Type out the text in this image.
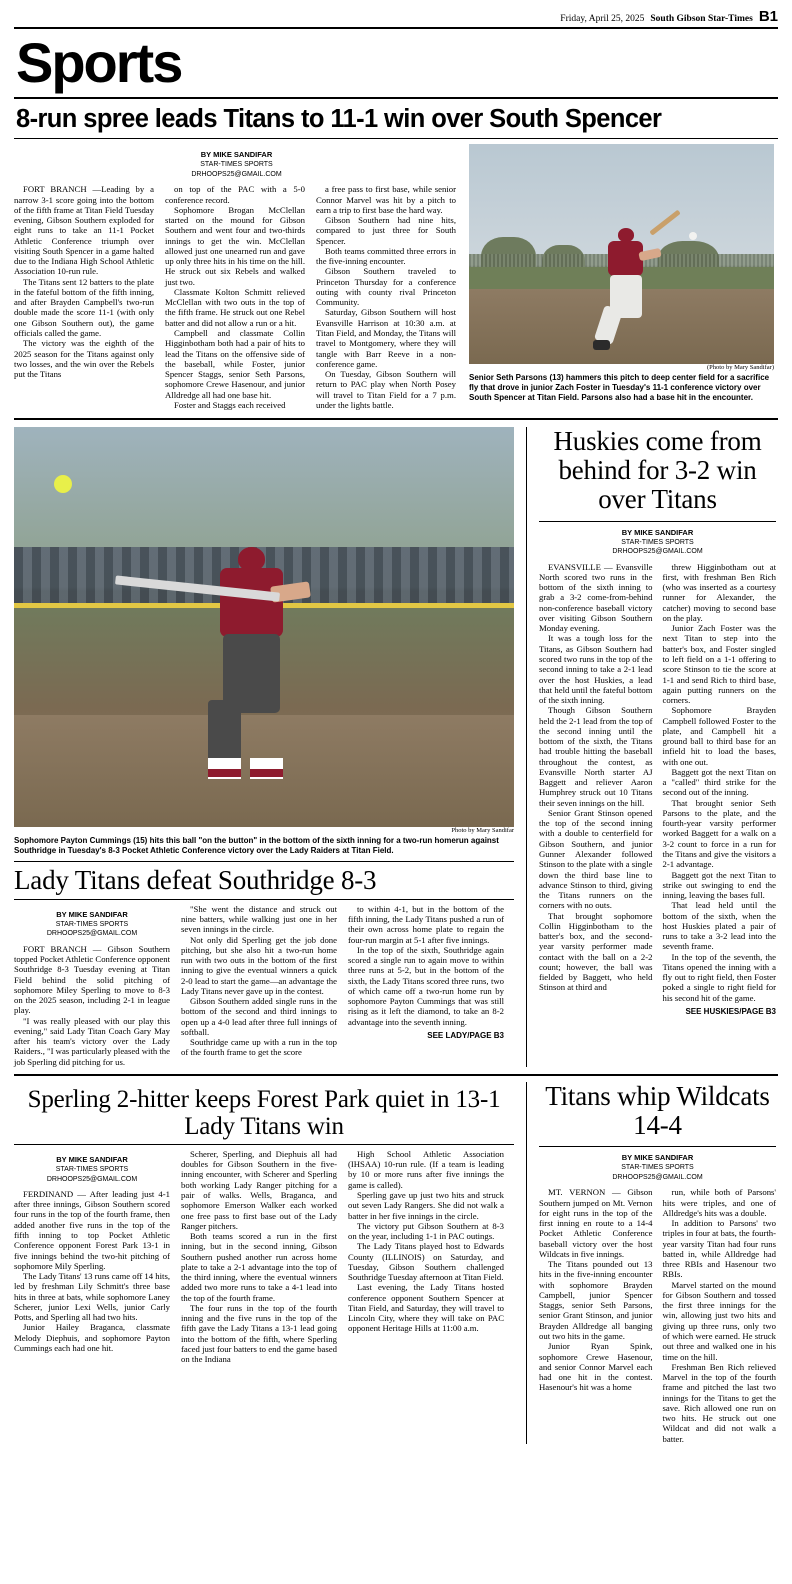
Friday, April 25, 2025 South Gibson Star-Times B1
Sports
8-run spree leads Titans to 11-1 win over South Spencer
BY MIKE SANDIFAR
STAR-TIMES SPORTS
DRHOOPS25@GMAIL.COM

FORT BRANCH —Leading by a narrow 3-1 score going into the bottom of the fifth frame at Titan Field Tuesday evening, Gibson Southern exploded for eight runs to take an 11-1 Pocket Athletic Conference triumph over visiting South Spencer in a game halted due to the Indiana High School Athletic Association 10-run rule.

The Titans sent 12 batters to the plate in the fateful bottom of the fifth inning, and after Brayden Campbell's two-run double made the score 11-1 (with only one Gibson Southern out), the game officials called the game.

The victory was the eighth of the 2025 season for the Titans against only two losses, and the win over the Rebels put the Titans

on top of the PAC with a 5-0 conference record.

Sophomore Brogan McClellan started on the mound for Gibson Southern and went four and two-thirds innings to get the win. McClellan allowed just one unearned run and gave up only three hits in his time on the hill. He struck out six Rebels and walked just two.

Classmate Kolton Schmitt relieved McClellan with two outs in the top of the fifth frame. He struck out one Rebel batter and did not allow a run or a hit.

Campbell and classmate Collin Higginbotham both had a pair of hits to lead the Titans on the offensive side of the baseball, while Foster, junior Spencer Staggs, senior Seth Parsons, sophomore Crewe Hasenour, and junior Alldredge all had one base hit.

Foster and Staggs each received

a free pass to first base, while senior Connor Marvel was hit by a pitch to earn a trip to first base the hard way.

Gibson Southern had nine hits, compared to just three for South Spencer.

Both teams committed three errors in the five-inning encounter.

Gibson Southern traveled to Princeton Thursday for a conference outing with county rival Princeton Community.

Saturday, Gibson Southern will host Evansville Harrison at 10:30 a.m. at Titan Field, and Monday, the Titans will travel to Montgomery, where they will tangle with Barr Reeve in a non-conference game.

On Tuesday, Gibson Southern will return to PAC play when North Posey will travel to Titan Field for a 7 p.m. under the lights battle.

(Photo by Mary Sandifar)
Senior Seth Parsons (13) hammers this pitch to deep center field for a sacrifice fly that drove in junior Zach Foster in Tuesday's 11-1 conference victory over South Spencer at Titan Field. Parsons also had a base hit in the encounter.
Photo by Mary Sandifar
Sophomore Payton Cummings (15) hits this ball "on the button" in the bottom of the sixth inning for a two-run homerun against Southridge in Tuesday's 8-3 Pocket Athletic Conference victory over the Lady Raiders at Titan Field.
Lady Titans defeat Southridge 8-3
BY MIKE SANDIFAR
STAR-TIMES SPORTS
DRHOOPS25@GMAIL.COM

FORT BRANCH — Gibson Southern topped Pocket Athletic Conference opponent Southridge 8-3 Tuesday evening at Titan Field behind the solid pitching of sophomore Miley Sperling to move to 8-3 on the 2025 season, including 2-1 in league play.

"I was really pleased with our play this evening," said Lady Titan Coach Gary May after his team's victory over the Lady Raiders., "I was particularly pleased with the job Sperling did pitching for us.

"She went the distance and struck out nine batters, while walking just one in her seven innings in the circle.

Not only did Sperling get the job done pitching, but she also hit a two-run home run with two outs in the bottom of the first inning to give the eventual winners a quick 2-0 lead to start the game—an advantage the Lady Titans never gave up in the contest.

Gibson Southern added single runs in the bottom of the second and third innings to open up a 4-0 lead after three full innings of softball.

Southridge came up with a run in the top of the fourth frame to get the score

to within 4-1, but in the bottom of the fifth inning, the Lady Titans pushed a run of their own across home plate to regain the four-run margin at 5-1 after five innings.

In the top of the sixth, Southridge again scored a single run to again move to within three runs at 5-2, but in the bottom of the sixth, the Lady Titans scored three runs, two of which came off a two-run home run by sophomore Payton Cummings that was still rising as it left the diamond, to take an 8-2 advantage into the seventh inning.

SEE LADY/PAGE B3
Huskies come from behind for 3-2 win over Titans
BY MIKE SANDIFAR
STAR-TIMES SPORTS
DRHOOPS25@GMAIL.COM

EVANSVILLE — Evansville North scored two runs in the bottom of the sixth inning to grab a 3-2 come-from-behind non-conference baseball victory over visiting Gibson Southern Monday evening.

It was a tough loss for the Titans, as Gibson Southern had scored two runs in the top of the second inning to take a 2-1 lead over the host Huskies, a lead that held until the fateful bottom of the sixth inning.

Though Gibson Southern held the 2-1 lead from the top of the second inning until the bottom of the sixth, the Titans had trouble hitting the baseball throughout the contest, as Evansville North starter AJ Baggett and reliever Aaron Humphrey struck out 10 Titans their seven innings on the hill.

Senior Grant Stinson opened the top of the second inning with a double to centerfield for Gibson Southern, and junior Gunner Alexander followed Stinson to the plate with a single down the third base line to advance Stinson to third, giving the Titans runners on the corners with no outs.

That brought sophomore Collin Higginbotham to the batter's box, and the second-year varsity performer made contact with the ball on a 2-2 count; however, the ball was fielded by Baggett, who held Stinson at third and

threw Higginbotham out at first, with freshman Ben Rich (who was inserted as a courtesy runner for Alexander, the catcher) moving to second base on the play.

Junior Zach Foster was the next Titan to step into the batter's box, and Foster singled to left field on a 1-1 offering to score Stinson to tie the score at 1-1 and send Rich to third base, again putting runners on the corners.

Sophomore Brayden Campbell followed Foster to the plate, and Campbell hit a ground ball to third base for an infield hit to load the bases, with one out.

Baggett got the next Titan on a "called" third strike for the second out of the inning.

That brought senior Seth Parsons to the plate, and the fourth-year varsity performer worked Baggett for a walk on a 3-2 count to force in a run for the Titans and give the visitors a 2-1 advantage.

Baggett got the next Titan to strike out swinging to end the inning, leaving the bases full.

That lead held until the bottom of the sixth, when the host Huskies plated a pair of runs to take a 3-2 lead into the seventh frame.

In the top of the seventh, the Titans opened the inning with a fly out to right field, then Foster poked a single to right field for his second hit of the game.

SEE HUSKIES/PAGE B3
Sperling 2-hitter keeps Forest Park quiet in 13-1 Lady Titans win
BY MIKE SANDIFAR
STAR-TIMES SPORTS
DRHOOPS25@GMAIL.COM

FERDINAND — After leading just 4-1 after three innings, Gibson Southern scored four runs in the top of the fourth frame, then added another five runs in the top of the fifth inning to top Pocket Athletic Conference opponent Forest Park 13-1 in five innings behind the two-hit pitching of sophomore Mily Sperling.

The Lady Titans' 13 runs came off 14 hits, led by freshman Lily Schmitt's three base hits in three at bats, while sophomore Laney Scherer, junior Lexi Wells, junior Carly Potts, and Sperling all had two hits.

Junior Hailey Braganca, classmate Melody Diephuis, and sophomore Payton Cummings each had one hit.

Scherer, Sperling, and Diephuis all had doubles for Gibson Southern in the five-inning encounter, with Scherer and Sperling both working Lady Ranger pitching for a pair of walks. Wells, Braganca, and sophomore Emerson Walker each worked one free pass to first base out of the Lady Ranger pitchers.

Both teams scored a run in the first inning, but in the second inning, Gibson Southern pushed another run across home plate to take a 2-1 advantage into the top of the third inning, where the eventual winners added two more runs to take a 4-1 lead into the top of the fourth frame.

The four runs in the top of the fourth inning and the five runs in the top of the fifth gave the Lady Titans a 13-1 lead going into the bottom of the fifth, where Sperling faced just four batters to end the game based on the Indiana

High School Athletic Association (IHSAA) 10-run rule. (If a team is leading by 10 or more runs after five innings the game is called).

Sperling gave up just two hits and struck out seven Lady Rangers. She did not walk a batter in her five innings in the circle.

The victory put Gibson Southern at 8-3 on the year, including 1-1 in PAC outings.

The Lady Titans played host to Edwards County (ILLINOIS) on Saturday, and Tuesday, Gibson Southern challenged Southridge Tuesday afternoon at Titan Field.

Last evening, the Lady Titans hosted conference opponent Southern Spencer at Titan Field, and Saturday, they will travel to Lincoln City, where they will take on PAC opponent Heritage Hills at 11:00 a.m.

Titans whip Wildcats 14-4
BY MIKE SANDIFAR
STAR-TIMES SPORTS
DRHOOPS25@GMAIL.COM

MT. VERNON — Gibson Southern jumped on Mt. Vernon for eight runs in the top of the first inning en route to a 14-4 Pocket Athletic Conference baseball victory over the host Wildcats in five innings.

The Titans pounded out 13 hits in the five-inning encounter with sophomore Brayden Campbell, junior Spencer Staggs, senior Seth Parsons, senior Grant Stinson, and junior Brayden Alldredge all banging out two hits in the game.

Junior Ryan Spink, sophomore Crewe Hasenour, and senior Connor Marvel each had one hit in the contest. Hasenour's hit was a home

run, while both of Parsons' hits were triples, and one of Alldredge's hits was a double.

In addition to Parsons' two triples in four at bats, the fourth-year varsity Titan had four runs batted in, while Alldredge had three RBIs and Hasenour two RBIs.

Marvel started on the mound for Gibson Southern and tossed the first three innings for the win, allowing just two hits and giving up three runs, only two of which were earned. He struck out three and walked one in his time on the hill.

Freshman Ben Rich relieved Marvel in the top of the fourth frame and pitched the last two innings for the Titans to get the save. Rich allowed one run on two hits. He struck out one Wildcat and did not walk a batter.
